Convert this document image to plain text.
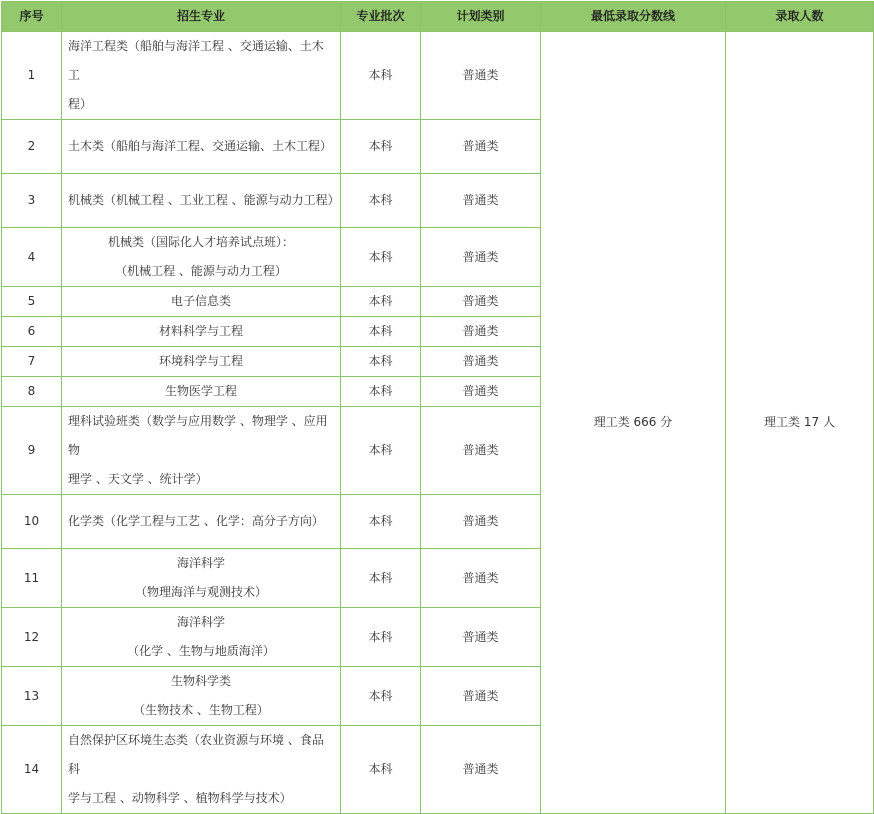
序号	招生专业	专业批次	计划类别	最低录取分数线	录取人数
1	海洋工程类（船舶与海洋工程 、交通运输、土木工
程）	本科	普通类	理工类 666 分	理工类 17 人
2	土木类（船舶与海洋工程、交通运输、土木工程）	本科	普通类		
3	机械类（机械工程 、工业工程 、能源与动力工程）	本科	普通类		
4	机械类（国际化人才培养试点班）：
（机械工程 、能源与动力工程）	本科	普通类		
5	电子信息类	本科	普通类		
6	材料科学与工程	本科	普通类		
7	环境科学与工程	本科	普通类		
8	生物医学工程	本科	普通类		
9	理科试验班类（数学与应用数学 、物理学 、应用物
理学 、天文学 、统计学）	本科	普通类		
10	化学类（化学工程与工艺 、化学：高分子方向）	本科	普通类		
11	海洋科学
（物理海洋与观测技术）	本科	普通类		
12	海洋科学
（化学 、生物与地质海洋）	本科	普通类		
13	生物科学类
（生物技术 、生物工程）	本科	普通类		
14	自然保护区环境生态类（农业资源与环境 、食品科
学与工程 、动物科学 、植物科学与技术）	本科	普通类		
